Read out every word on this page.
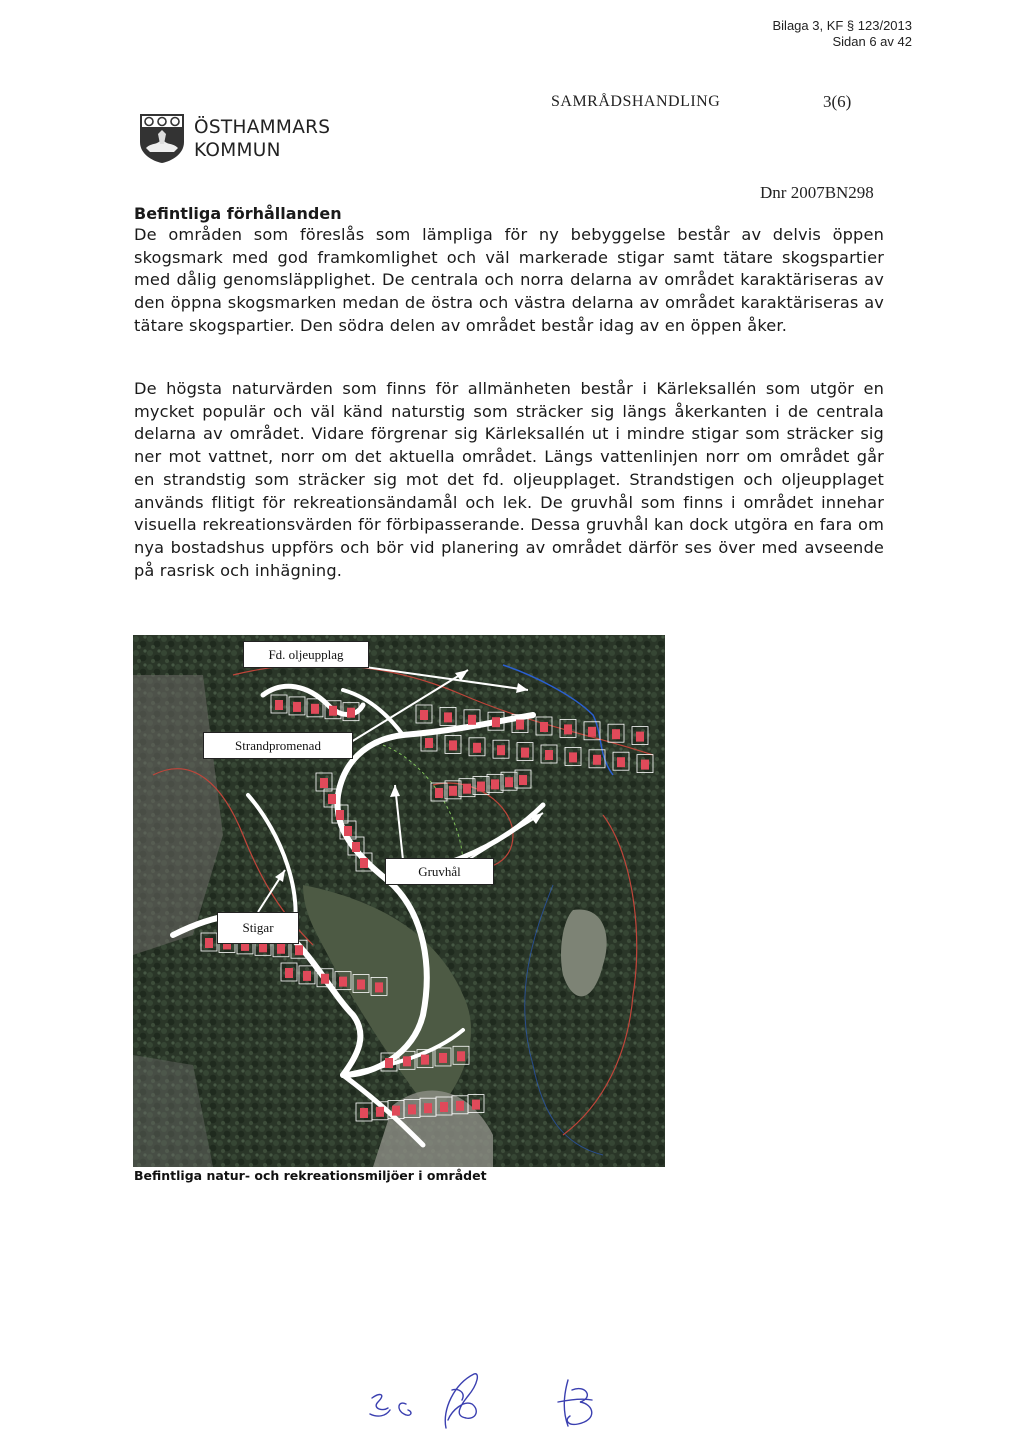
Bilaga 3, KF § 123/2013
Sidan 6 av 42
SAMRÅDSHANDLING	3(6)
ÖSTHAMMARS
KOMMUN
Dnr 2007BN298
Befintliga förhållanden

De områden som föreslås som lämpliga för ny bebyggelse består av delvis öppen skogsmark med god framkomlighet och väl markerade stigar samt tätare skogspartier med dålig genomsläpplighet. De centrala och norra delarna av området karaktäriseras av den öppna skogsmarken medan de östra och västra delarna av området karaktäriseras av tätare skogspartier. Den södra delen av området består idag av en öppen åker.

De högsta naturvärden som finns för allmänheten består i Kärleksallén som utgör en mycket populär och väl känd naturstig som sträcker sig längs åkerkanten i de centrala delarna av området. Vidare förgrenar sig Kärleksallén ut i mindre stigar som sträcker sig ner mot vattnet, norr om det aktuella området. Längs vattenlinjen norr om området går en strandstig som sträcker sig mot det fd. oljeupplaget. Strandstigen och oljeupplaget används flitigt för rekreationsändamål och lek. De gruvhål som finns i området innehar visuella rekreationsvärden för förbipasserande. Dessa gruvhål kan dock utgöra en fara om nya bostadshus uppförs och bör vid planering av området därför ses över med avseende på rasrisk och inhägning.

Fd. oljeupplag
Strandpromenad
Gruvhål
Stigar
Befintliga natur- och rekreationsmiljöer i området
